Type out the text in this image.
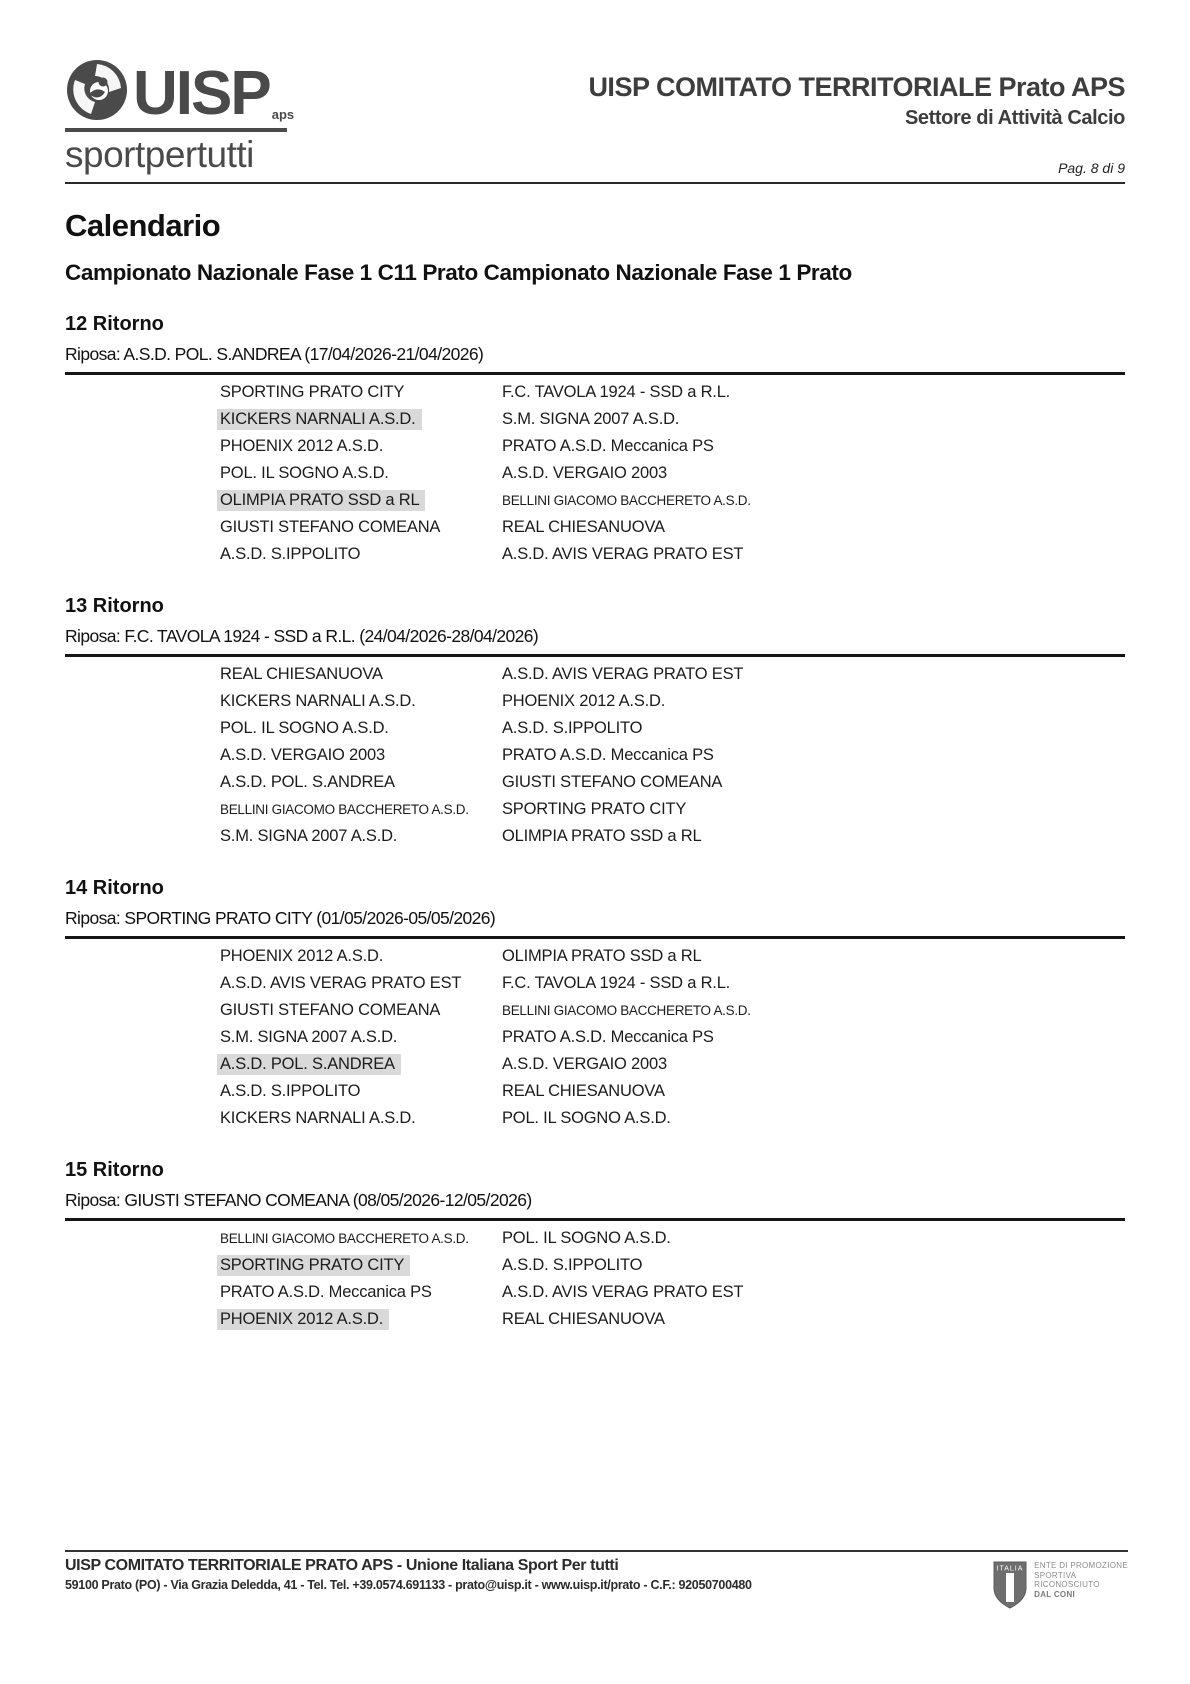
UISP aps
sportpertutti
UISP COMITATO TERRITORIALE Prato APS
Settore di Attività Calcio
Pag. 8 di 9
Calendario
Campionato Nazionale Fase 1 C11 Prato Campionato Nazionale Fase 1 Prato
12 Ritorno
Riposa: A.S.D. POL. S.ANDREA (17/04/2026-21/04/2026)
SPORTING PRATO CITY	F.C. TAVOLA 1924 - SSD a R.L.
KICKERS NARNALI A.S.D.	S.M. SIGNA 2007 A.S.D.
PHOENIX 2012 A.S.D.	PRATO A.S.D. Meccanica PS
POL. IL SOGNO A.S.D.	A.S.D. VERGAIO 2003
OLIMPIA PRATO SSD a RL	BELLINI GIACOMO BACCHERETO A.S.D.
GIUSTI STEFANO COMEANA	REAL CHIESANUOVA
A.S.D. S.IPPOLITO	A.S.D. AVIS VERAG PRATO EST
13 Ritorno
Riposa: F.C. TAVOLA 1924 - SSD a R.L. (24/04/2026-28/04/2026)
REAL CHIESANUOVA	A.S.D. AVIS VERAG PRATO EST
KICKERS NARNALI A.S.D.	PHOENIX 2012 A.S.D.
POL. IL SOGNO A.S.D.	A.S.D. S.IPPOLITO
A.S.D. VERGAIO 2003	PRATO A.S.D. Meccanica PS
A.S.D. POL. S.ANDREA	GIUSTI STEFANO COMEANA
BELLINI GIACOMO BACCHERETO A.S.D.	SPORTING PRATO CITY
S.M. SIGNA 2007 A.S.D.	OLIMPIA PRATO SSD a RL
14 Ritorno
Riposa: SPORTING PRATO CITY (01/05/2026-05/05/2026)
PHOENIX 2012 A.S.D.	OLIMPIA PRATO SSD a RL
A.S.D. AVIS VERAG PRATO EST	F.C. TAVOLA 1924 - SSD a R.L.
GIUSTI STEFANO COMEANA	BELLINI GIACOMO BACCHERETO A.S.D.
S.M. SIGNA 2007 A.S.D.	PRATO A.S.D. Meccanica PS
A.S.D. POL. S.ANDREA	A.S.D. VERGAIO 2003
A.S.D. S.IPPOLITO	REAL CHIESANUOVA
KICKERS NARNALI A.S.D.	POL. IL SOGNO A.S.D.
15 Ritorno
Riposa: GIUSTI STEFANO COMEANA (08/05/2026-12/05/2026)
BELLINI GIACOMO BACCHERETO A.S.D.	POL. IL SOGNO A.S.D.
SPORTING PRATO CITY	A.S.D. S.IPPOLITO
PRATO A.S.D. Meccanica PS	A.S.D. AVIS VERAG PRATO EST
PHOENIX 2012 A.S.D.	REAL CHIESANUOVA
UISP COMITATO TERRITORIALE PRATO APS - Unione Italiana Sport Per tutti
59100 Prato (PO) - Via Grazia Deledda, 41 - Tel. Tel. +39.0574.691133 - prato@uisp.it - www.uisp.it/prato - C.F.: 92050700480
ITALIA ENTE DI PROMOZIONE
SPORTIVA
RICONOSCIUTO
DAL CONI
